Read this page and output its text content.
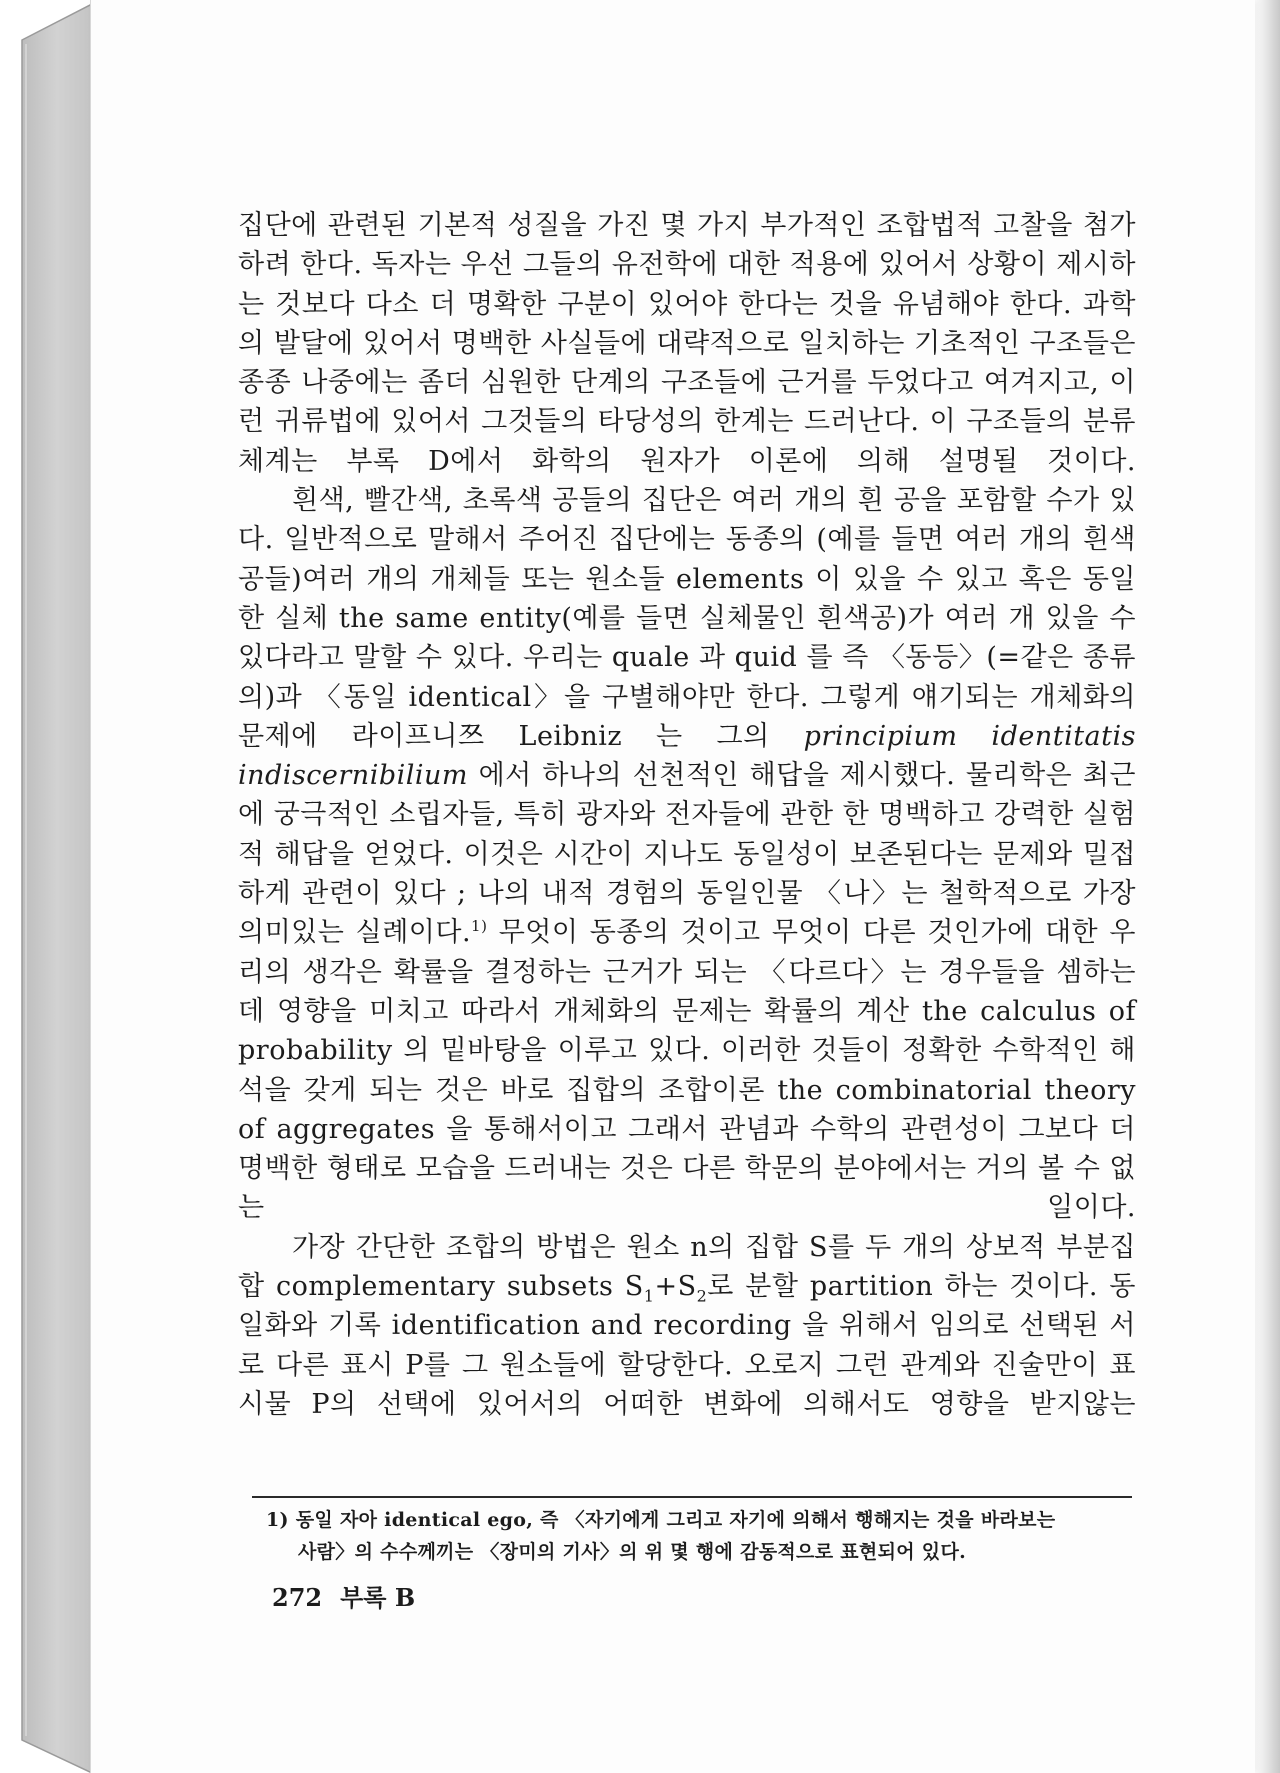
집단에 관련된 기본적 성질을 가진 몇 가지 부가적인 조합법적 고찰을 첨가하려 한다. 독자는 우선 그들의 유전학에 대한 적용에 있어서 상황이 제시하는 것보다 다소 더 명확한 구분이 있어야 한다는 것을 유념해야 한다. 과학의 발달에 있어서 명백한 사실들에 대략적으로 일치하는 기초적인 구조들은 종종 나중에는 좀더 심원한 단계의 구조들에 근거를 두었다고 여겨지고, 이런 귀류법에 있어서 그것들의 타당성의 한계는 드러난다. 이 구조들의 분류체계는 부록 D에서 화학의 원자가 이론에 의해 설명될 것이다.

흰색, 빨간색, 초록색 공들의 집단은 여러 개의 흰 공을 포함할 수가 있다. 일반적으로 말해서 주어진 집단에는 동종의 (예를 들면 여러 개의 흰색 공들)여러 개의 개체들 또는 원소들 elements 이 있을 수 있고 혹은 동일한 실체 the same entity(예를 들면 실체물인 흰색공)가 여러 개 있을 수 있다라고 말할 수 있다. 우리는 quale 과 quid 를 즉 〈동등〉(=같은 종류의)과 〈동일 identical〉을 구별해야만 한다. 그렇게 얘기되는 개체화의 문제에 라이프니쯔 Leibniz 는 그의 principium identitatis indiscernibilium 에서 하나의 선천적인 해답을 제시했다. 물리학은 최근에 궁극적인 소립자들, 특히 광자와 전자들에 관한 한 명백하고 강력한 실험적 해답을 얻었다. 이것은 시간이 지나도 동일성이 보존된다는 문제와 밀접하게 관련이 있다 ; 나의 내적 경험의 동일인물 〈나〉는 철학적으로 가장 의미있는 실례이다.$^{1)}$ 무엇이 동종의 것이고 무엇이 다른 것인가에 대한 우리의 생각은 확률을 결정하는 근거가 되는 〈다르다〉는 경우들을 셈하는 데 영향을 미치고 따라서 개체화의 문제는 확률의 계산 the calculus of probability 의 밑바탕을 이루고 있다. 이러한 것들이 정확한 수학적인 해석을 갖게 되는 것은 바로 집합의 조합이론 the combinatorial theory of aggregates 을 통해서이고 그래서 관념과 수학의 관련성이 그보다 더 명백한 형태로 모습을 드러내는 것은 다른 학문의 분야에서는 거의 볼 수 없는 일이다.

가장 간단한 조합의 방법은 원소 n의 집합 S를 두 개의 상보적 부분집합 complementary subsets $S_1+S_2$로 분할 partition 하는 것이다. 동일화와 기록 identification and recording 을 위해서 임의로 선택된 서로 다른 표시 P를 그 원소들에 할당한다. 오로지 그런 관계와 진술만이 표시물 P의 선택에 있어서의 어떠한 변화에 의해서도 영향을 받지않는

1) 동일 자아 identical ego, 즉 〈자기에게 그리고 자기에 의해서 행해지는 것을 바라보는
사람〉의 수수께끼는 〈장미의 기사〉의 위 몇 행에 감동적으로 표현되어 있다.
272 부록 B
